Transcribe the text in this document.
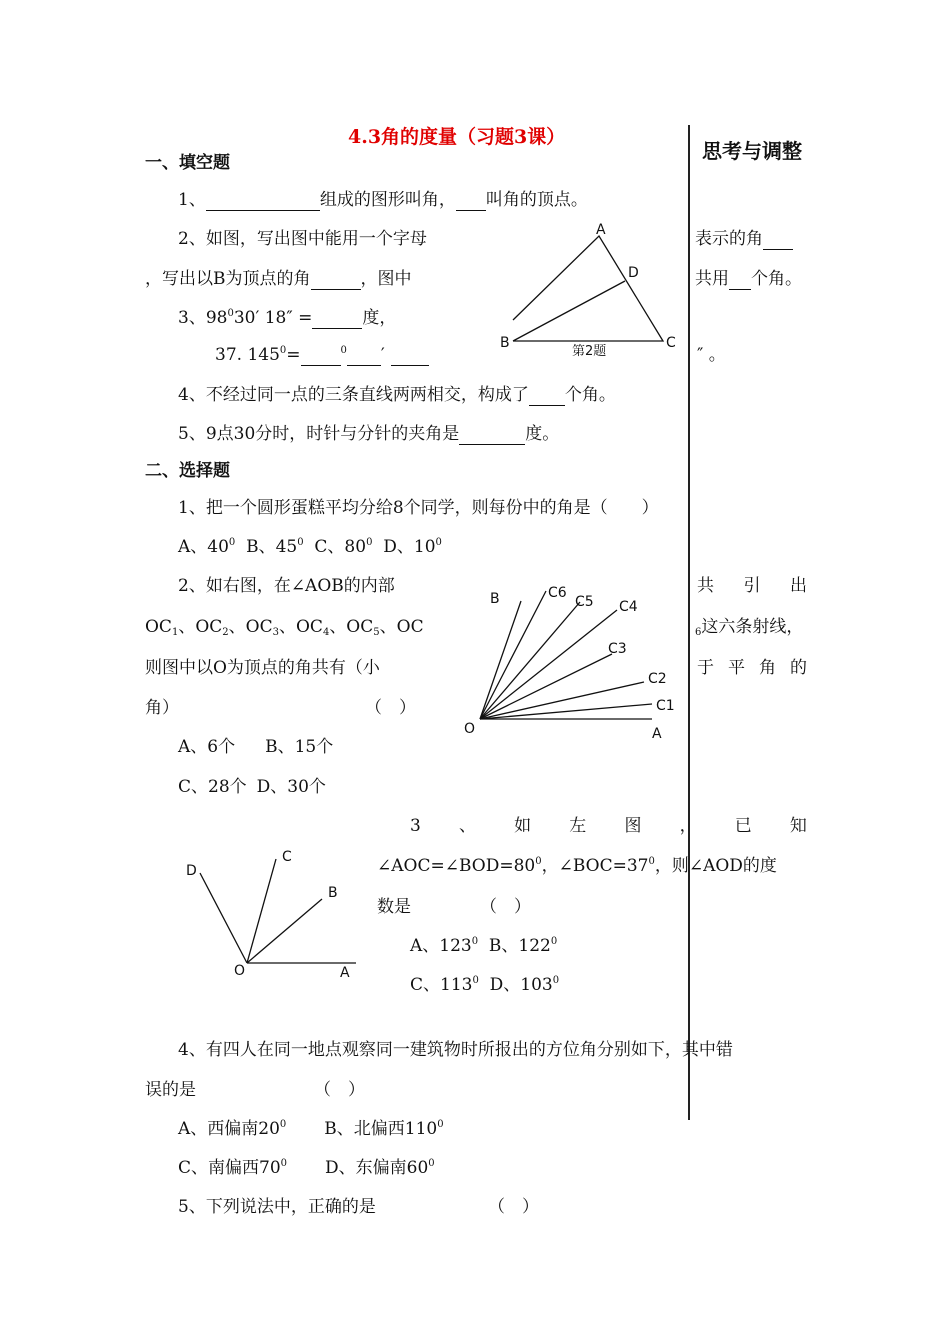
4.3角的度量（习题3课）
思考与调整
一、填空题
1、	组成的图形叫角， 叫角的顶点。
2、如图，写出图中能用一个字母	表示的角
，写出以B为顶点的角	，图中	共用 个角。
3、$98^030'$ 18″ =	度，
37. $145^0=$	$^0$ ′	″ 。
4、不经过同一点的三条直线两两相交，构成了 个角。
5、9点30分时，时针与分针的夹角是	度。
A
D
B	C
第2题
二、选择题
1、把一个圆形蛋糕平均分给8个同学，则每份中的角是（　　）
A、$40^0$ B、$45^0$ C、$80^0$ D、$10^0$
2、如右图，在∠AOB的内部	共 引 出
$OC_1$、$OC_2$、$OC_3$、$OC_4$、$OC_5$、OC	$_6$这六条射线，
则图中以O为顶点的角共有（小	于 平 角 的
角）	（　）
A、6个 B、15个
C、28个 D、30个
B	C6
C5 C4
C3
C2
C1
O	A
3 、 如 左 图 ， 已 知
$\angle AOC=\angle BOD=80^0$，$\angle BOC=37^0$，则∠AOD的度
数是	（　）
A、$123^0$ B、$122^0$
C、$113^0$ D、$103^0$
D
C
B
O	A
4、有四人在同一地点观察同一建筑物时所报出的方位角分别如下，其中错
误的是	（　）
A、西偏南$20^0$ B、北偏西$110^0$
C、南偏西$70^0$ D、东偏南$60^0$
5、下列说法中，正确的是	（　）
